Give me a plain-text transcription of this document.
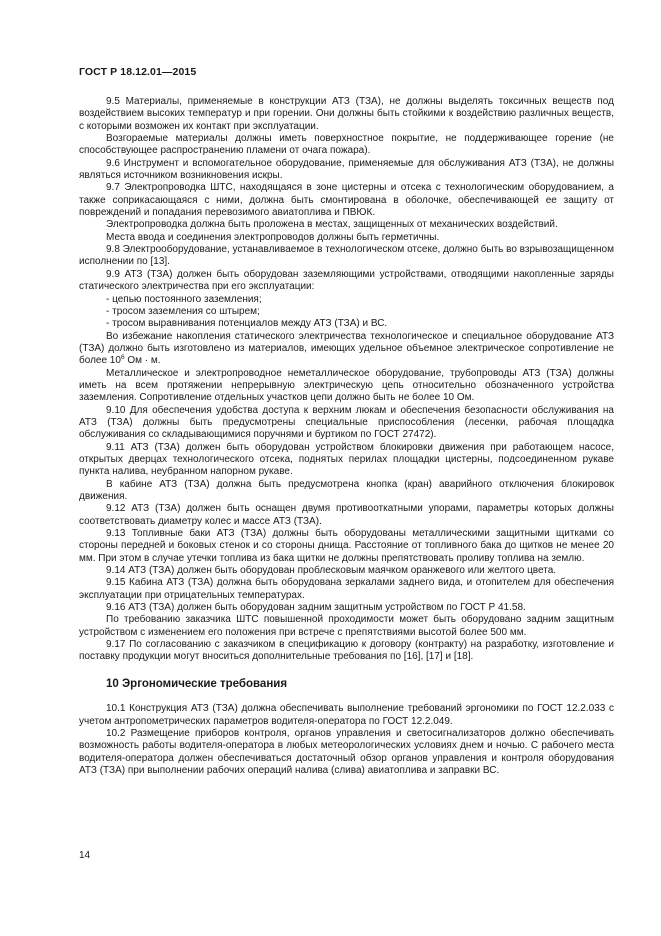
ГОСТ Р 18.12.01—2015

9.5 Материалы, применяемые в конструкции АТЗ (ТЗА), не должны выделять токсичных веществ под воздействием высоких температур и при горении. Они должны быть стойкими к воздействию различных веществ, с которыми возможен их контакт при эксплуатации.

Возгораемые материалы должны иметь поверхностное покрытие, не поддерживающее горение (не способствующее распространению пламени от очага пожара).

9.6 Инструмент и вспомогательное оборудование, применяемые для обслуживания АТЗ (ТЗА), не должны являться источником возникновения искры.

9.7 Электропроводка ШТС, находящаяся в зоне цистерны и отсека с технологическим оборудованием, а также соприкасающаяся с ними, должна быть смонтирована в оболочке, обеспечивающей ее защиту от повреждений и попадания перевозимого авиатоплива и ПВЮК.

Электропроводка должна быть проложена в местах, защищенных от механических воздействий.

Места ввода и соединения электропроводов должны быть герметичны.

9.8 Электрооборудование, устанавливаемое в технологическом отсеке, должно быть во взрывозащищенном исполнении по [13].

9.9 АТЗ (ТЗА) должен быть оборудован заземляющими устройствами, отводящими накопленные заряды статического электричества при его эксплуатации:

- цепью постоянного заземления;

- тросом заземления со штырем;

- тросом выравнивания потенциалов между АТЗ (ТЗА) и ВС.

Во избежание накопления статического электричества технологическое и специальное оборудование АТЗ (ТЗА) должно быть изготовлено из материалов, имеющих удельное объемное электрическое сопротивление не более $10^6$ Ом · м.

Металлическое и электропроводное неметаллическое оборудование, трубопроводы АТЗ (ТЗА) должны иметь на всем протяжении непрерывную электрическую цепь относительно обозначенного устройства заземления. Сопротивление отдельных участков цепи должно быть не более 10 Ом.

9.10 Для обеспечения удобства доступа к верхним люкам и обеспечения безопасности обслуживания на АТЗ (ТЗА) должны быть предусмотрены специальные приспособления (лесенки, рабочая площадка обслуживания со складывающимися поручнями и буртиком по ГОСТ 27472).

9.11 АТЗ (ТЗА) должен быть оборудован устройством блокировки движения при работающем насосе, открытых дверцах технологического отсека, поднятых перилах площадки цистерны, подсоединенном рукаве пункта налива, неубранном напорном рукаве.

В кабине АТЗ (ТЗА) должна быть предусмотрена кнопка (кран) аварийного отключения блокировок движения.

9.12 АТЗ (ТЗА) должен быть оснащен двумя противооткатными упорами, параметры которых должны соответствовать диаметру колес и массе АТЗ (ТЗА).

9.13 Топливные баки АТЗ (ТЗА) должны быть оборудованы металлическими защитными щитками со стороны передней и боковых стенок и со стороны днища. Расстояние от топливного бака до щитков не менее 20 мм. При этом в случае утечки топлива из бака щитки не должны препятствовать проливу топлива на землю.

9.14 АТЗ (ТЗА) должен быть оборудован проблесковым маячком оранжевого или желтого цвета.

9.15 Кабина АТЗ (ТЗА) должна быть оборудована зеркалами заднего вида, и отопителем для обеспечения эксплуатации при отрицательных температурах.

9.16 АТЗ (ТЗА) должен быть оборудован задним защитным устройством по ГОСТ Р 41.58.

По требованию заказчика ШТС повышенной проходимости может быть оборудовано задним защитным устройством с изменением его положения при встрече с препятствиями высотой более 500 мм.

9.17 По согласованию с заказчиком в спецификацию к договору (контракту) на разработку, изготовление и поставку продукции могут вноситься дополнительные требования по [16], [17] и [18].

10 Эргономические требования

10.1 Конструкция АТЗ (ТЗА) должна обеспечивать выполнение требований эргономики по ГОСТ 12.2.033 с учетом антропометрических параметров водителя-оператора по ГОСТ 12.2.049.

10.2 Размещение приборов контроля, органов управления и светосигнализаторов должно обеспечивать возможность работы водителя-оператора в любых метеорологических условиях днем и ночью. С рабочего места водителя-оператора должен обеспечиваться достаточный обзор органов управления и контроля оборудования АТЗ (ТЗА) при выполнении рабочих операций налива (слива) авиатоплива и заправки ВС.

14
